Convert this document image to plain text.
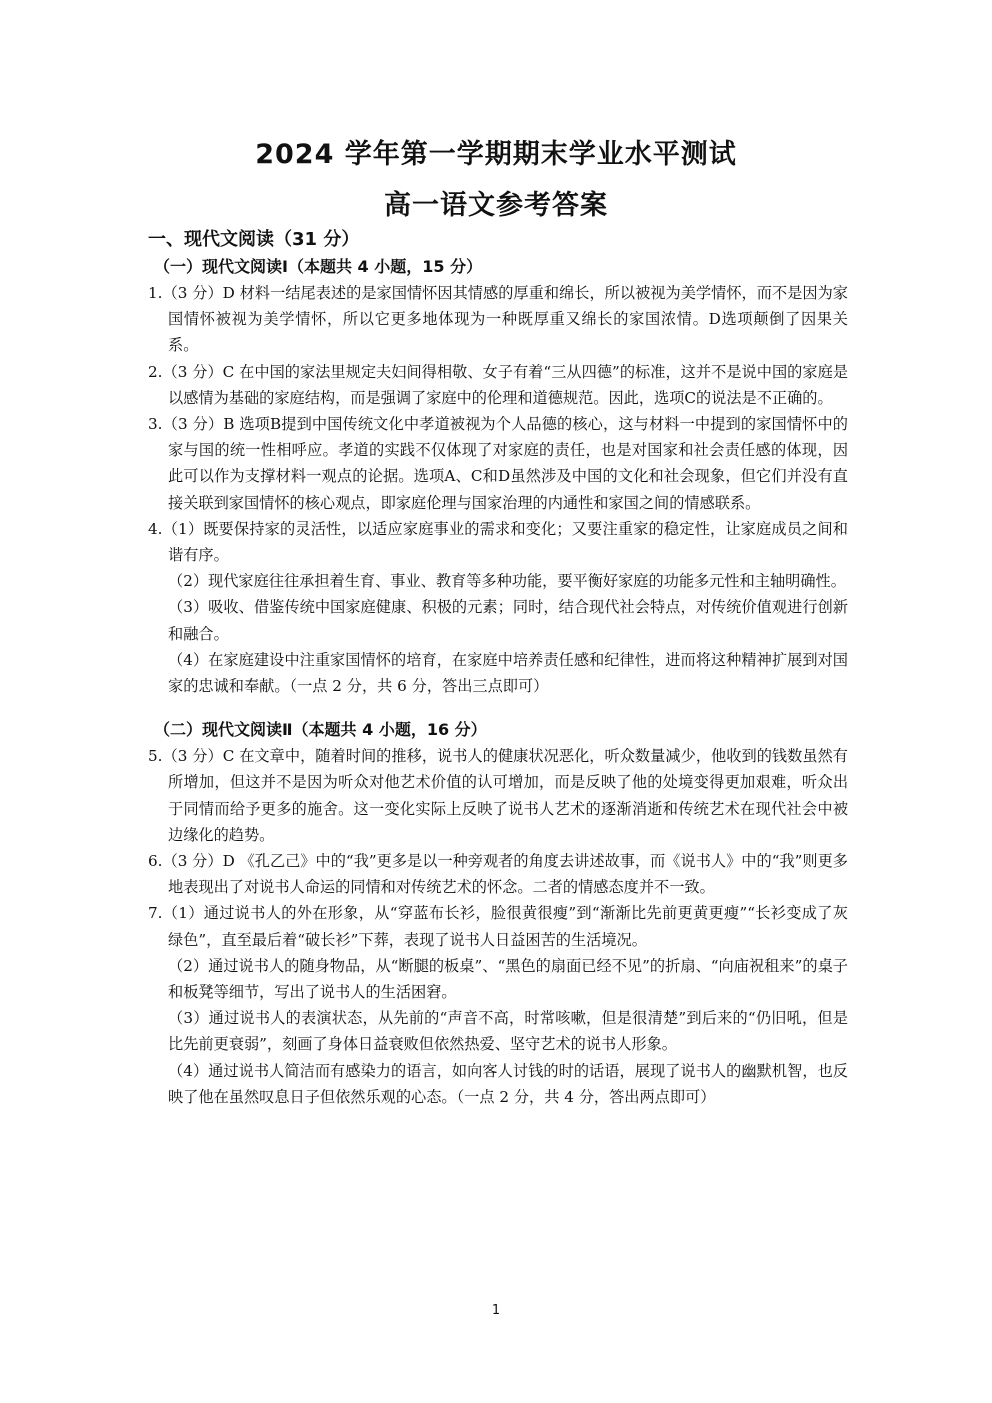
2024 学年第一学期期末学业水平测试
高一语文参考答案
一、现代文阅读（31 分）
（一）现代文阅读Ⅰ（本题共 4 小题，15 分）
1.（3 分）D 材料一结尾表述的是家国情怀因其情感的厚重和绵长，所以被视为美学情怀，而不是因为家国情怀被视为美学情怀，所以它更多地体现为一种既厚重又绵长的家国浓情。D选项颠倒了因果关系。
2.（3 分）C 在中国的家法里规定夫妇间得相敬、女子有着“三从四德”的标准，这并不是说中国的家庭是以感情为基础的家庭结构，而是强调了家庭中的伦理和道德规范。因此，选项C的说法是不正确的。
3.（3 分）B 选项B提到中国传统文化中孝道被视为个人品德的核心，这与材料一中提到的家国情怀中的家与国的统一性相呼应。孝道的实践不仅体现了对家庭的责任，也是对国家和社会责任感的体现，因此可以作为支撑材料一观点的论据。选项A、C和D虽然涉及中国的文化和社会现象，但它们并没有直接关联到家国情怀的核心观点，即家庭伦理与国家治理的内通性和家国之间的情感联系。
4.（1）既要保持家的灵活性，以适应家庭事业的需求和变化；又要注重家的稳定性，让家庭成员之间和谐有序。
（2）现代家庭往往承担着生育、事业、教育等多种功能，要平衡好家庭的功能多元性和主轴明确性。
（3）吸收、借鉴传统中国家庭健康、积极的元素；同时，结合现代社会特点，对传统价值观进行创新和融合。
（4）在家庭建设中注重家国情怀的培育，在家庭中培养责任感和纪律性，进而将这种精神扩展到对国家的忠诚和奉献。（一点 2 分，共 6 分，答出三点即可）
（二）现代文阅读Ⅱ（本题共 4 小题，16 分）
5.（3 分）C 在文章中，随着时间的推移，说书人的健康状况恶化，听众数量减少，他收到的钱数虽然有所增加，但这并不是因为听众对他艺术价值的认可增加，而是反映了他的处境变得更加艰难，听众出于同情而给予更多的施舍。这一变化实际上反映了说书人艺术的逐渐消逝和传统艺术在现代社会中被边缘化的趋势。
6.（3 分）D 《孔乙己》中的“我”更多是以一种旁观者的角度去讲述故事，而《说书人》中的“我”则更多地表现出了对说书人命运的同情和对传统艺术的怀念。二者的情感态度并不一致。
7.（1）通过说书人的外在形象，从“穿蓝布长衫，脸很黄很瘦”到“渐渐比先前更黄更瘦”“长衫变成了灰绿色”，直至最后着“破长衫”下葬，表现了说书人日益困苦的生活境况。
（2）通过说书人的随身物品，从“断腿的板桌”、“黑色的扇面已经不见”的折扇、“向庙祝租来”的桌子和板凳等细节，写出了说书人的生活困窘。
（3）通过说书人的表演状态，从先前的“声音不高，时常咳嗽，但是很清楚”到后来的“仍旧吼，但是比先前更衰弱”，刻画了身体日益衰败但依然热爱、坚守艺术的说书人形象。
（4）通过说书人简洁而有感染力的语言，如向客人讨钱的时的话语，展现了说书人的幽默机智，也反映了他在虽然叹息日子但依然乐观的心态。（一点 2 分，共 4 分，答出两点即可）
1
